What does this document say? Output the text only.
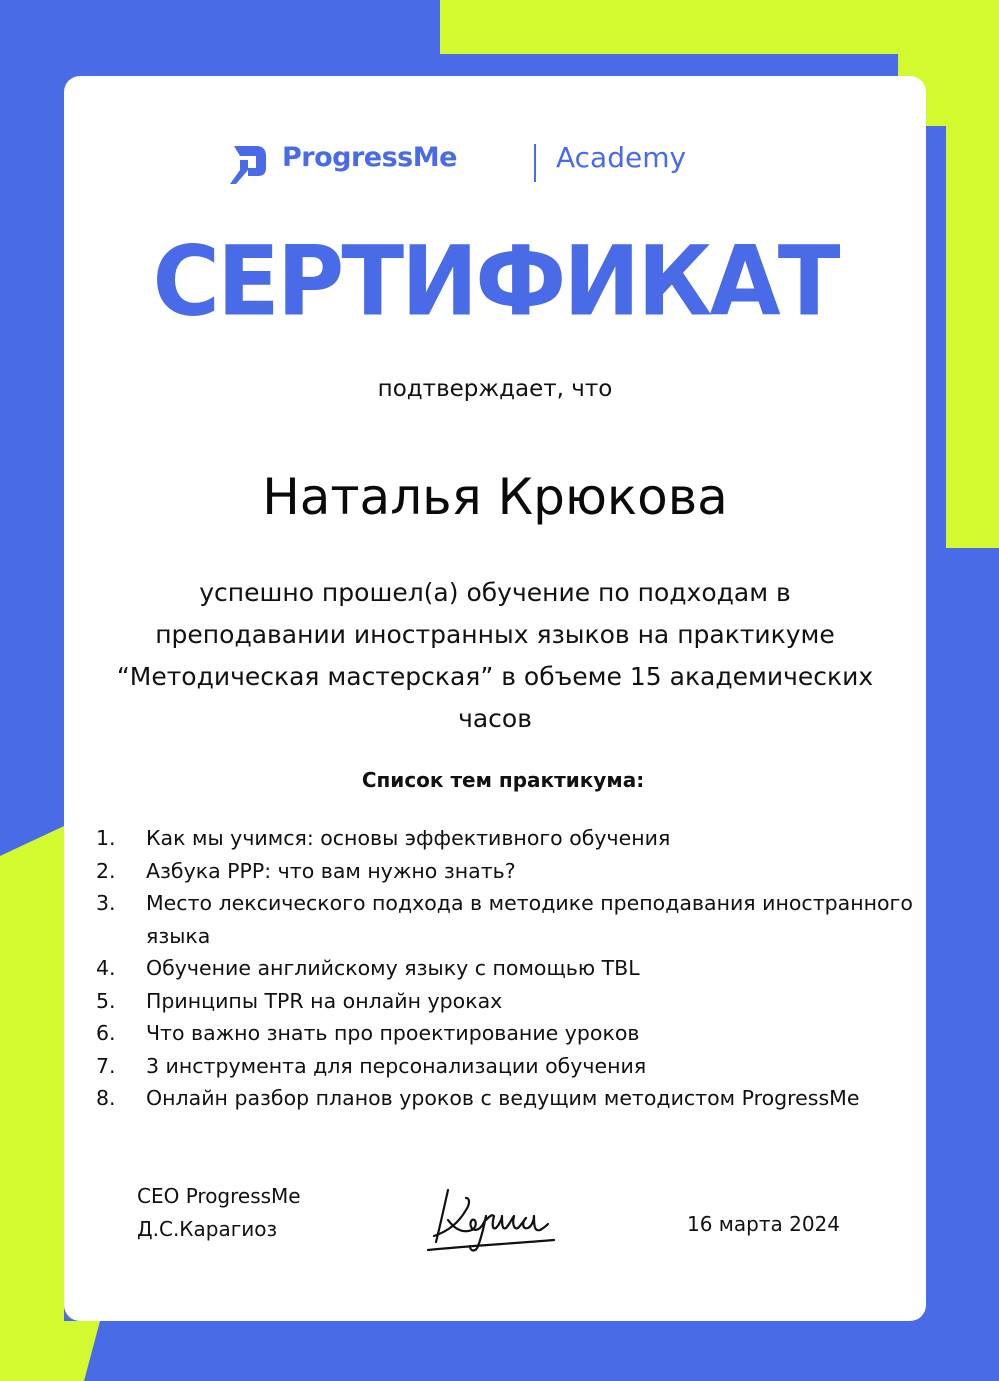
ProgressMe	Academy
СЕРТИФИКАТ
подтверждает, что
Наталья Крюкова
успешно прошел(а) обучение по подходам в преподавании иностранных языков на практикуме “Методическая мастерская” в объеме 15 академических часов
Список тем практикума:
1.	Как мы учимся: основы эффективного обучения
2.	Азбука PPP: что вам нужно знать?
3.	Место лексического подхода в методике преподавания иностранного языка
4.	Обучение английскому языку с помощью TBL
5.	Принципы TPR на онлайн уроках
6.	Что важно знать про проектирование уроков
7.	3 инструмента для персонализации обучения
8.	Онлайн разбор планов уроков с ведущим методистом ProgressMe
CEO ProgressMe
Д.С.Карагиоз	16 марта 2024
